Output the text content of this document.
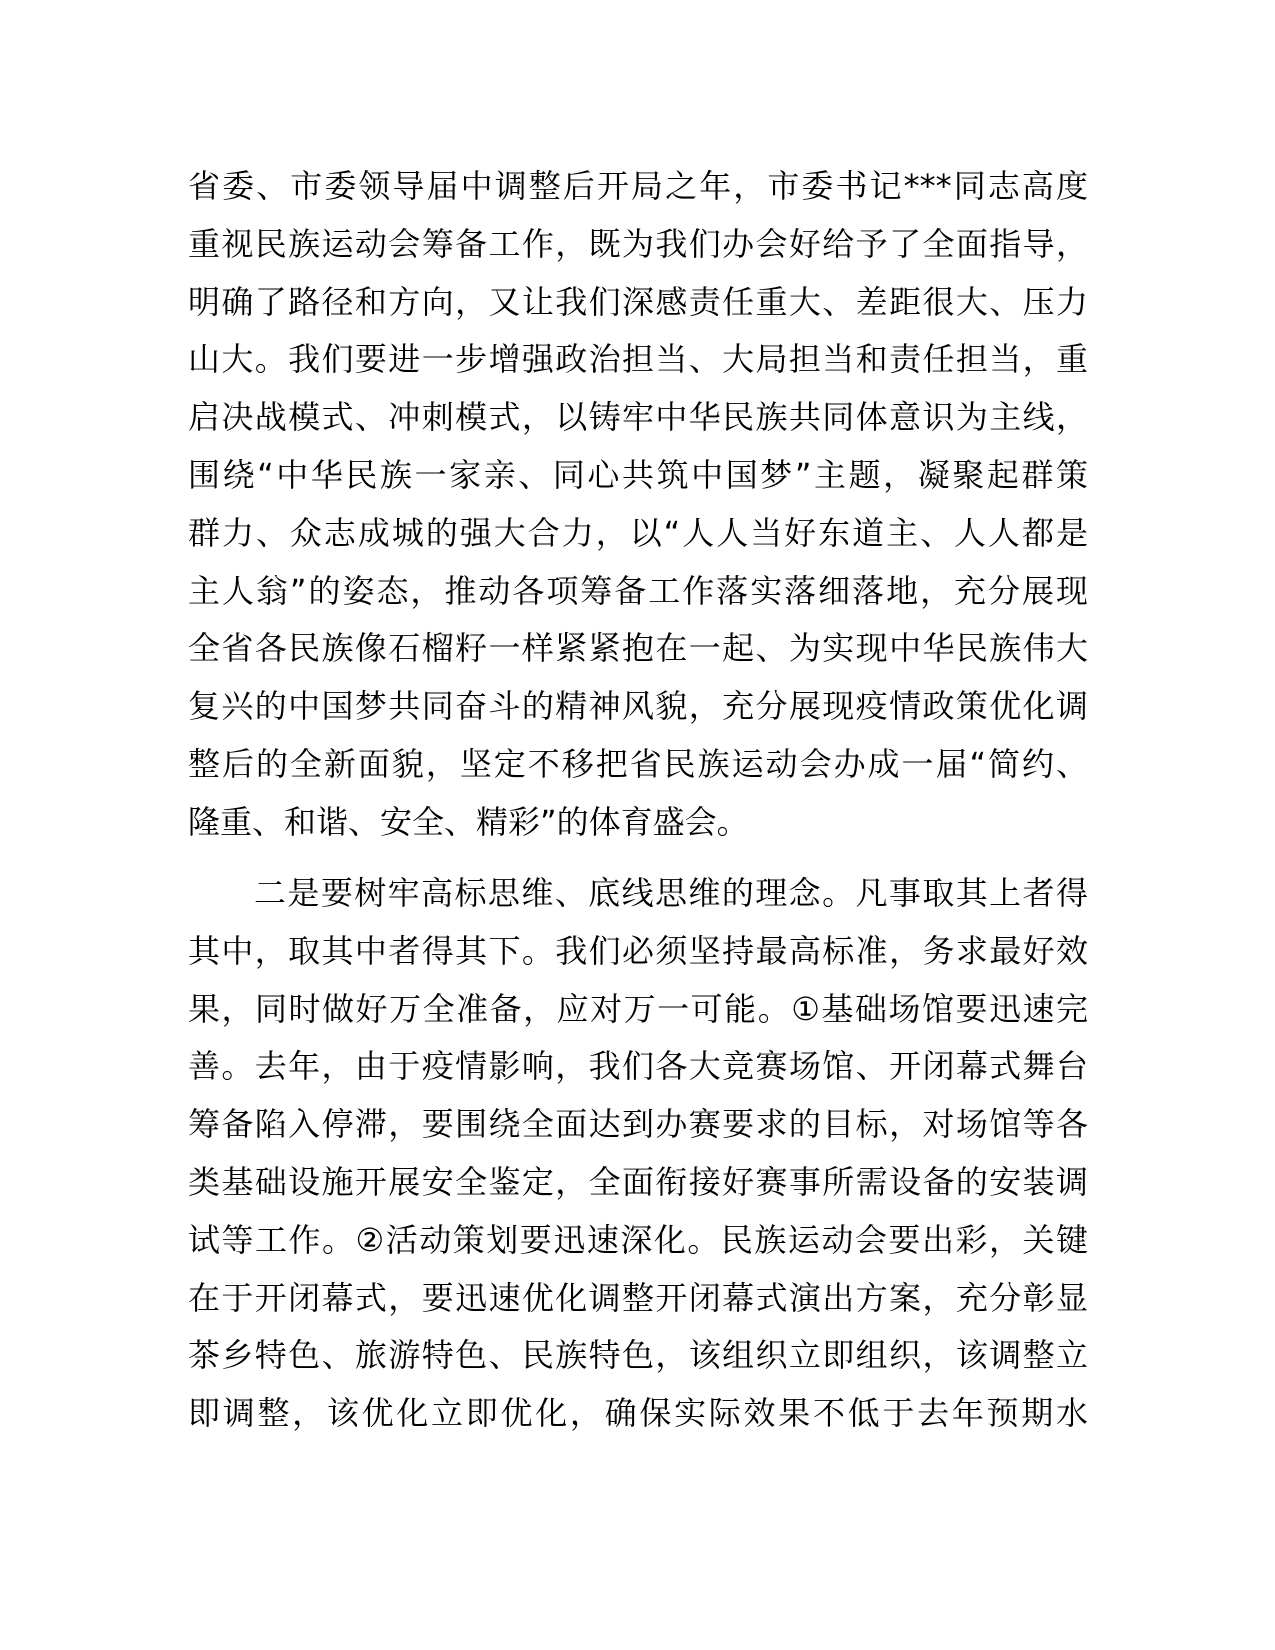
省委、市委领导届中调整后开局之年，市委书记***同志高度
重视民族运动会筹备工作，既为我们办会好给予了全面指导，
明确了路径和方向，又让我们深感责任重大、差距很大、压力
山大。我们要进一步增强政治担当、大局担当和责任担当，重
启决战模式、冲刺模式，以铸牢中华民族共同体意识为主线，
围绕“中华民族一家亲、同心共筑中国梦”主题，凝聚起群策
群力、众志成城的强大合力，以“人人当好东道主、人人都是
主人翁”的姿态，推动各项筹备工作落实落细落地，充分展现
全省各民族像石榴籽一样紧紧抱在一起、为实现中华民族伟大
复兴的中国梦共同奋斗的精神风貌，充分展现疫情政策优化调
整后的全新面貌，坚定不移把省民族运动会办成一届“简约、
隆重、和谐、安全、精彩”的体育盛会。
二是要树牢高标思维、底线思维的理念。凡事取其上者得
其中，取其中者得其下。我们必须坚持最高标准，务求最好效
果，同时做好万全准备，应对万一可能。①基础场馆要迅速完
善。去年，由于疫情影响，我们各大竞赛场馆、开闭幕式舞台
筹备陷入停滞，要围绕全面达到办赛要求的目标，对场馆等各
类基础设施开展安全鉴定，全面衔接好赛事所需设备的安装调
试等工作。②活动策划要迅速深化。民族运动会要出彩，关键
在于开闭幕式，要迅速优化调整开闭幕式演出方案，充分彰显
茶乡特色、旅游特色、民族特色，该组织立即组织，该调整立
即调整，该优化立即优化，确保实际效果不低于去年预期水
